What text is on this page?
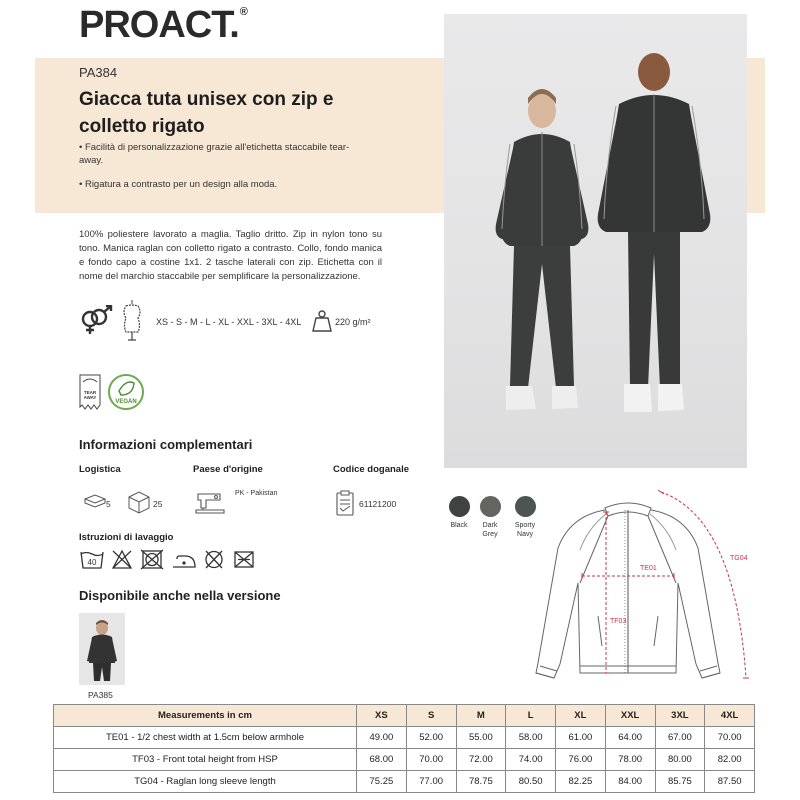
PROACT.®
PA384
Giacca tuta unisex con zip e colletto rigato
• Facilità di personalizzazione grazie all'etichetta staccabile tear-away.
• Rigatura a contrasto per un design alla moda.
100% poliestere lavorato a maglia. Taglio dritto. Zip in nylon tono su tono. Manica raglan con colletto rigato a contrasto. Collo, fondo manica e fondo capo a costine 1x1. 2 tasche laterali con zip. Etichetta con il nome del marchio staccabile per semplificare la personalizzazione.
XS - S - M - L - XL - XXL - 3XL - 4XL	220 g/m²
TEAR
AWAY
VEGAN
Informazioni complementari
Logistica	Paese d'origine	Codice doganale
5	25
PK - Pakistan
61121200
Istruzioni di lavaggio
40
Disponibile anche nella versione
PA385
Black	Dark Grey
Sporty Navy
TE01
TF03
TG04
Measurements in cm	XS	S	M	L	XL	XXL	3XL	4XL
TE01 - 1/2 chest width at 1.5cm below armhole	49.00	52.00	55.00	58.00	61.00	64.00	67.00	70.00
TF03 - Front total height from HSP	68.00	70.00	72.00	74.00	76.00	78.00	80.00	82.00
TG04 - Raglan long sleeve length	75.25	77.00	78.75	80.50	82.25	84.00	85.75	87.50
